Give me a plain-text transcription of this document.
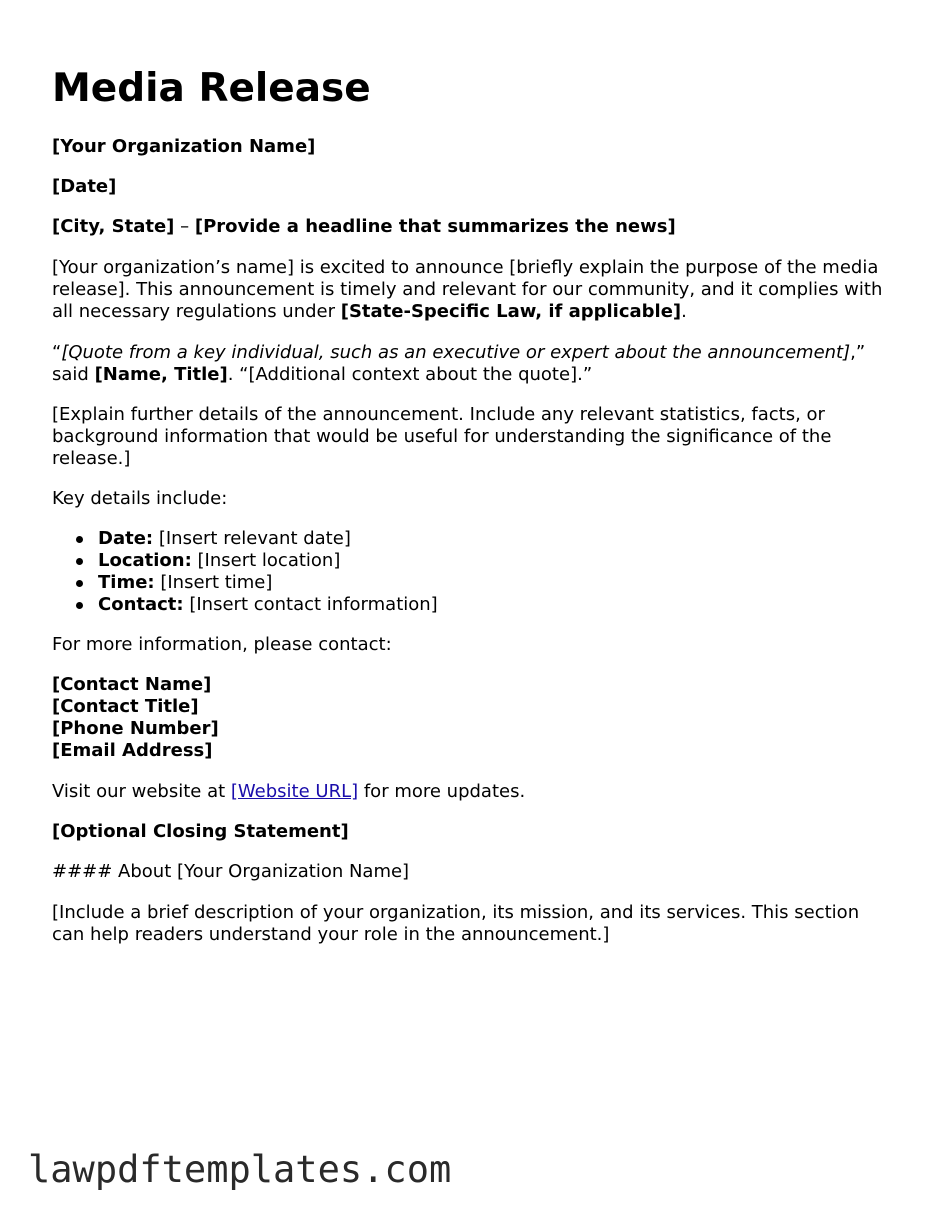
Media Release

[Your Organization Name]

[Date]

[City, State] – [Provide a headline that summarizes the news]

[Your organization’s name] is excited to announce [briefly explain the purpose of the media release]. This announcement is timely and relevant for our community, and it complies with all necessary regulations under [State-Specific Law, if applicable].

“[Quote from a key individual, such as an executive or expert about the announcement],” said [Name, Title]. “[Additional context about the quote].”

[Explain further details of the announcement. Include any relevant statistics, facts, or background information that would be useful for understanding the significance of the release.]

Key details include:

Date: [Insert relevant date]
Location: [Insert location]
Time: [Insert time]
Contact: [Insert contact information]

For more information, please contact:

[Contact Name]
[Contact Title]
[Phone Number]
[Email Address]

Visit our website at [Website URL] for more updates.

[Optional Closing Statement]

#### About [Your Organization Name]

[Include a brief description of your organization, its mission, and its services. This section can help readers understand your role in the announcement.]

lawpdftemplates.com
